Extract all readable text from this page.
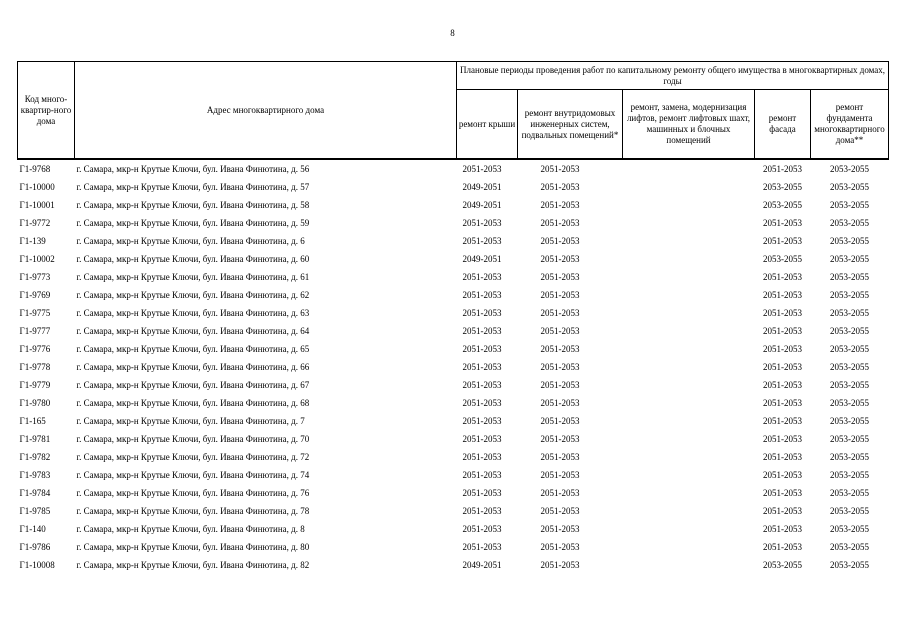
8
Код много-квартир-ного дома	Адрес многоквартирного дома	Плановые периоды проведения работ по капитальному ремонту общего имущества в многоквартирных домах, годы				
		ремонт крыши	ремонт внутридомовых инженерных систем, подвальных помещений*	ремонт, замена, модернизация лифтов, ремонт лифтовых шахт, машинных и блочных помещений	ремонт фасада	ремонт фундамента многоквартирного дома**
Г1-9768	г. Самара, мкр-н Крутые Ключи, бул. Ивана Финютина, д. 56	2051-2053	2051-2053		2051-2053	2053-2055
Г1-10000	г. Самара, мкр-н Крутые Ключи, бул. Ивана Финютина, д. 57	2049-2051	2051-2053		2053-2055	2053-2055
Г1-10001	г. Самара, мкр-н Крутые Ключи, бул. Ивана Финютина, д. 58	2049-2051	2051-2053		2053-2055	2053-2055
Г1-9772	г. Самара, мкр-н Крутые Ключи, бул. Ивана Финютина, д. 59	2051-2053	2051-2053		2051-2053	2053-2055
Г1-139	г. Самара, мкр-н Крутые Ключи, бул. Ивана Финютина, д. 6	2051-2053	2051-2053		2051-2053	2053-2055
Г1-10002	г. Самара, мкр-н Крутые Ключи, бул. Ивана Финютина, д. 60	2049-2051	2051-2053		2053-2055	2053-2055
Г1-9773	г. Самара, мкр-н Крутые Ключи, бул. Ивана Финютина, д. 61	2051-2053	2051-2053		2051-2053	2053-2055
Г1-9769	г. Самара, мкр-н Крутые Ключи, бул. Ивана Финютина, д. 62	2051-2053	2051-2053		2051-2053	2053-2055
Г1-9775	г. Самара, мкр-н Крутые Ключи, бул. Ивана Финютина, д. 63	2051-2053	2051-2053		2051-2053	2053-2055
Г1-9777	г. Самара, мкр-н Крутые Ключи, бул. Ивана Финютина, д. 64	2051-2053	2051-2053		2051-2053	2053-2055
Г1-9776	г. Самара, мкр-н Крутые Ключи, бул. Ивана Финютина, д. 65	2051-2053	2051-2053		2051-2053	2053-2055
Г1-9778	г. Самара, мкр-н Крутые Ключи, бул. Ивана Финютина, д. 66	2051-2053	2051-2053		2051-2053	2053-2055
Г1-9779	г. Самара, мкр-н Крутые Ключи, бул. Ивана Финютина, д. 67	2051-2053	2051-2053		2051-2053	2053-2055
Г1-9780	г. Самара, мкр-н Крутые Ключи, бул. Ивана Финютина, д. 68	2051-2053	2051-2053		2051-2053	2053-2055
Г1-165	г. Самара, мкр-н Крутые Ключи, бул. Ивана Финютина, д. 7	2051-2053	2051-2053		2051-2053	2053-2055
Г1-9781	г. Самара, мкр-н Крутые Ключи, бул. Ивана Финютина, д. 70	2051-2053	2051-2053		2051-2053	2053-2055
Г1-9782	г. Самара, мкр-н Крутые Ключи, бул. Ивана Финютина, д. 72	2051-2053	2051-2053		2051-2053	2053-2055
Г1-9783	г. Самара, мкр-н Крутые Ключи, бул. Ивана Финютина, д. 74	2051-2053	2051-2053		2051-2053	2053-2055
Г1-9784	г. Самара, мкр-н Крутые Ключи, бул. Ивана Финютина, д. 76	2051-2053	2051-2053		2051-2053	2053-2055
Г1-9785	г. Самара, мкр-н Крутые Ключи, бул. Ивана Финютина, д. 78	2051-2053	2051-2053		2051-2053	2053-2055
Г1-140	г. Самара, мкр-н Крутые Ключи, бул. Ивана Финютина, д. 8	2051-2053	2051-2053		2051-2053	2053-2055
Г1-9786	г. Самара, мкр-н Крутые Ключи, бул. Ивана Финютина, д. 80	2051-2053	2051-2053		2051-2053	2053-2055
Г1-10008	г. Самара, мкр-н Крутые Ключи, бул. Ивана Финютина, д. 82	2049-2051	2051-2053		2053-2055	2053-2055
